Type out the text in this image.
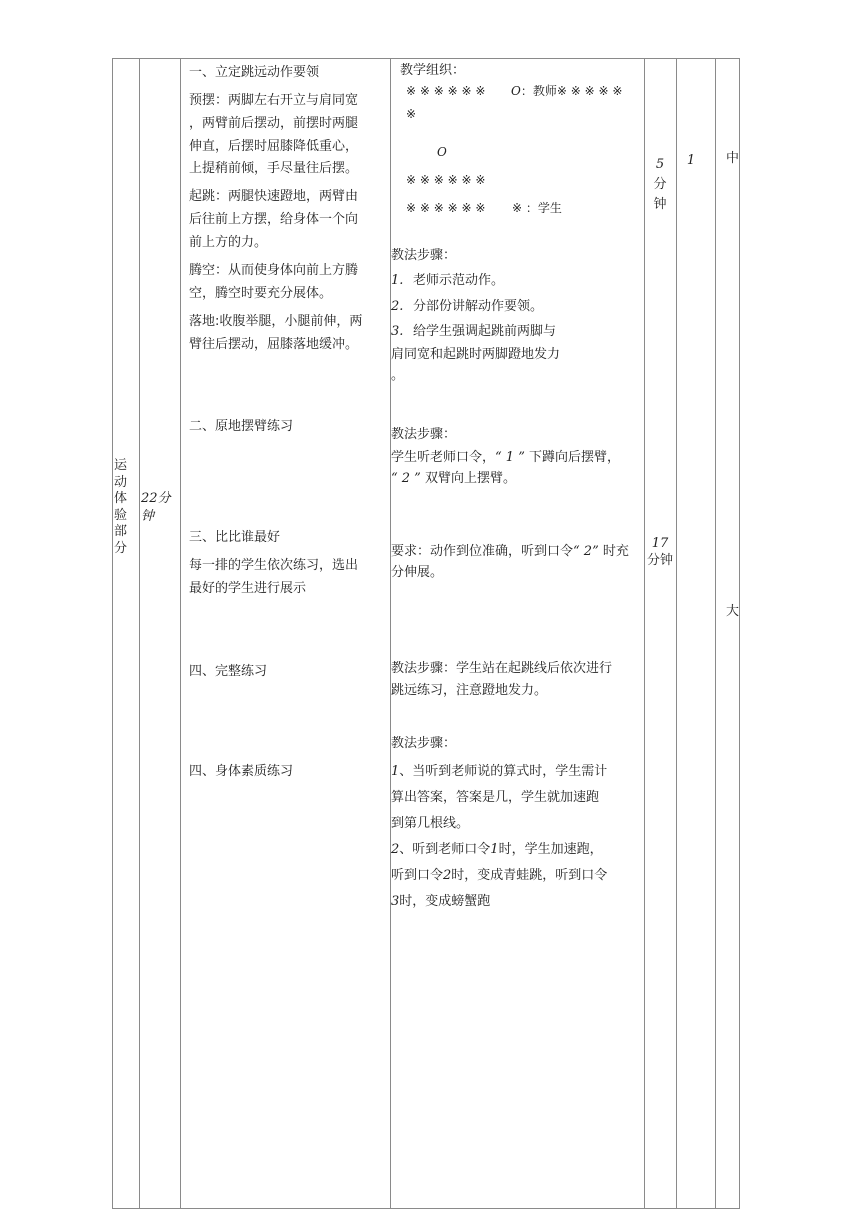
运动体验部分
22分钟
一、立定跳远动作要领
预摆：两脚左右开立与肩同宽
，两臂前后摆动，前摆时两腿
伸直，后摆时屈膝降低重心，
上提稍前倾，手尽量往后摆。
起跳：两腿快速蹬地，两臂由
后往前上方摆，给身体一个向
前上方的力。
腾空：从而使身体向前上方腾
空，腾空时要充分展体。
落地:收腹举腿，小腿前伸，两
臂往后摆动，屈膝落地缓冲。
二、原地摆臂练习
三、比比谁最好
每一排的学生依次练习，选出
最好的学生进行展示
四、完整练习
四、身体素质练习
教学组织：
※ ※ ※ ※ ※ ※ O：教师※ ※ ※ ※ ※
※
O
※ ※ ※ ※ ※ ※
※ ※ ※ ※ ※ ※ ※ ：学生
教法步骤：
1. 老师示范动作。
2. 分部份讲解动作要领。
3. 给学生强调起跳前两脚与
肩同宽和起跳时两脚蹬地发力
。
教法步骤：
学生听老师口令，“ 1 ” 下蹲向后摆臂，
“ 2 ” 双臂向上摆臂。
要求：动作到位准确，听到口令“ 2” 时充
分伸展。
教法步骤：学生站在起跳线后依次进行
跳远练习，注意蹬地发力。
教法步骤：
1、当听到老师说的算式时，学生需计
算出答案，答案是几，学生就加速跑
到第几根线。
2、听到老师口令1时，学生加速跑，
听到口令2时，变成青蛙跳，听到口令
3时，变成螃蟹跑
5
分
钟
17
分钟
1	中
大
